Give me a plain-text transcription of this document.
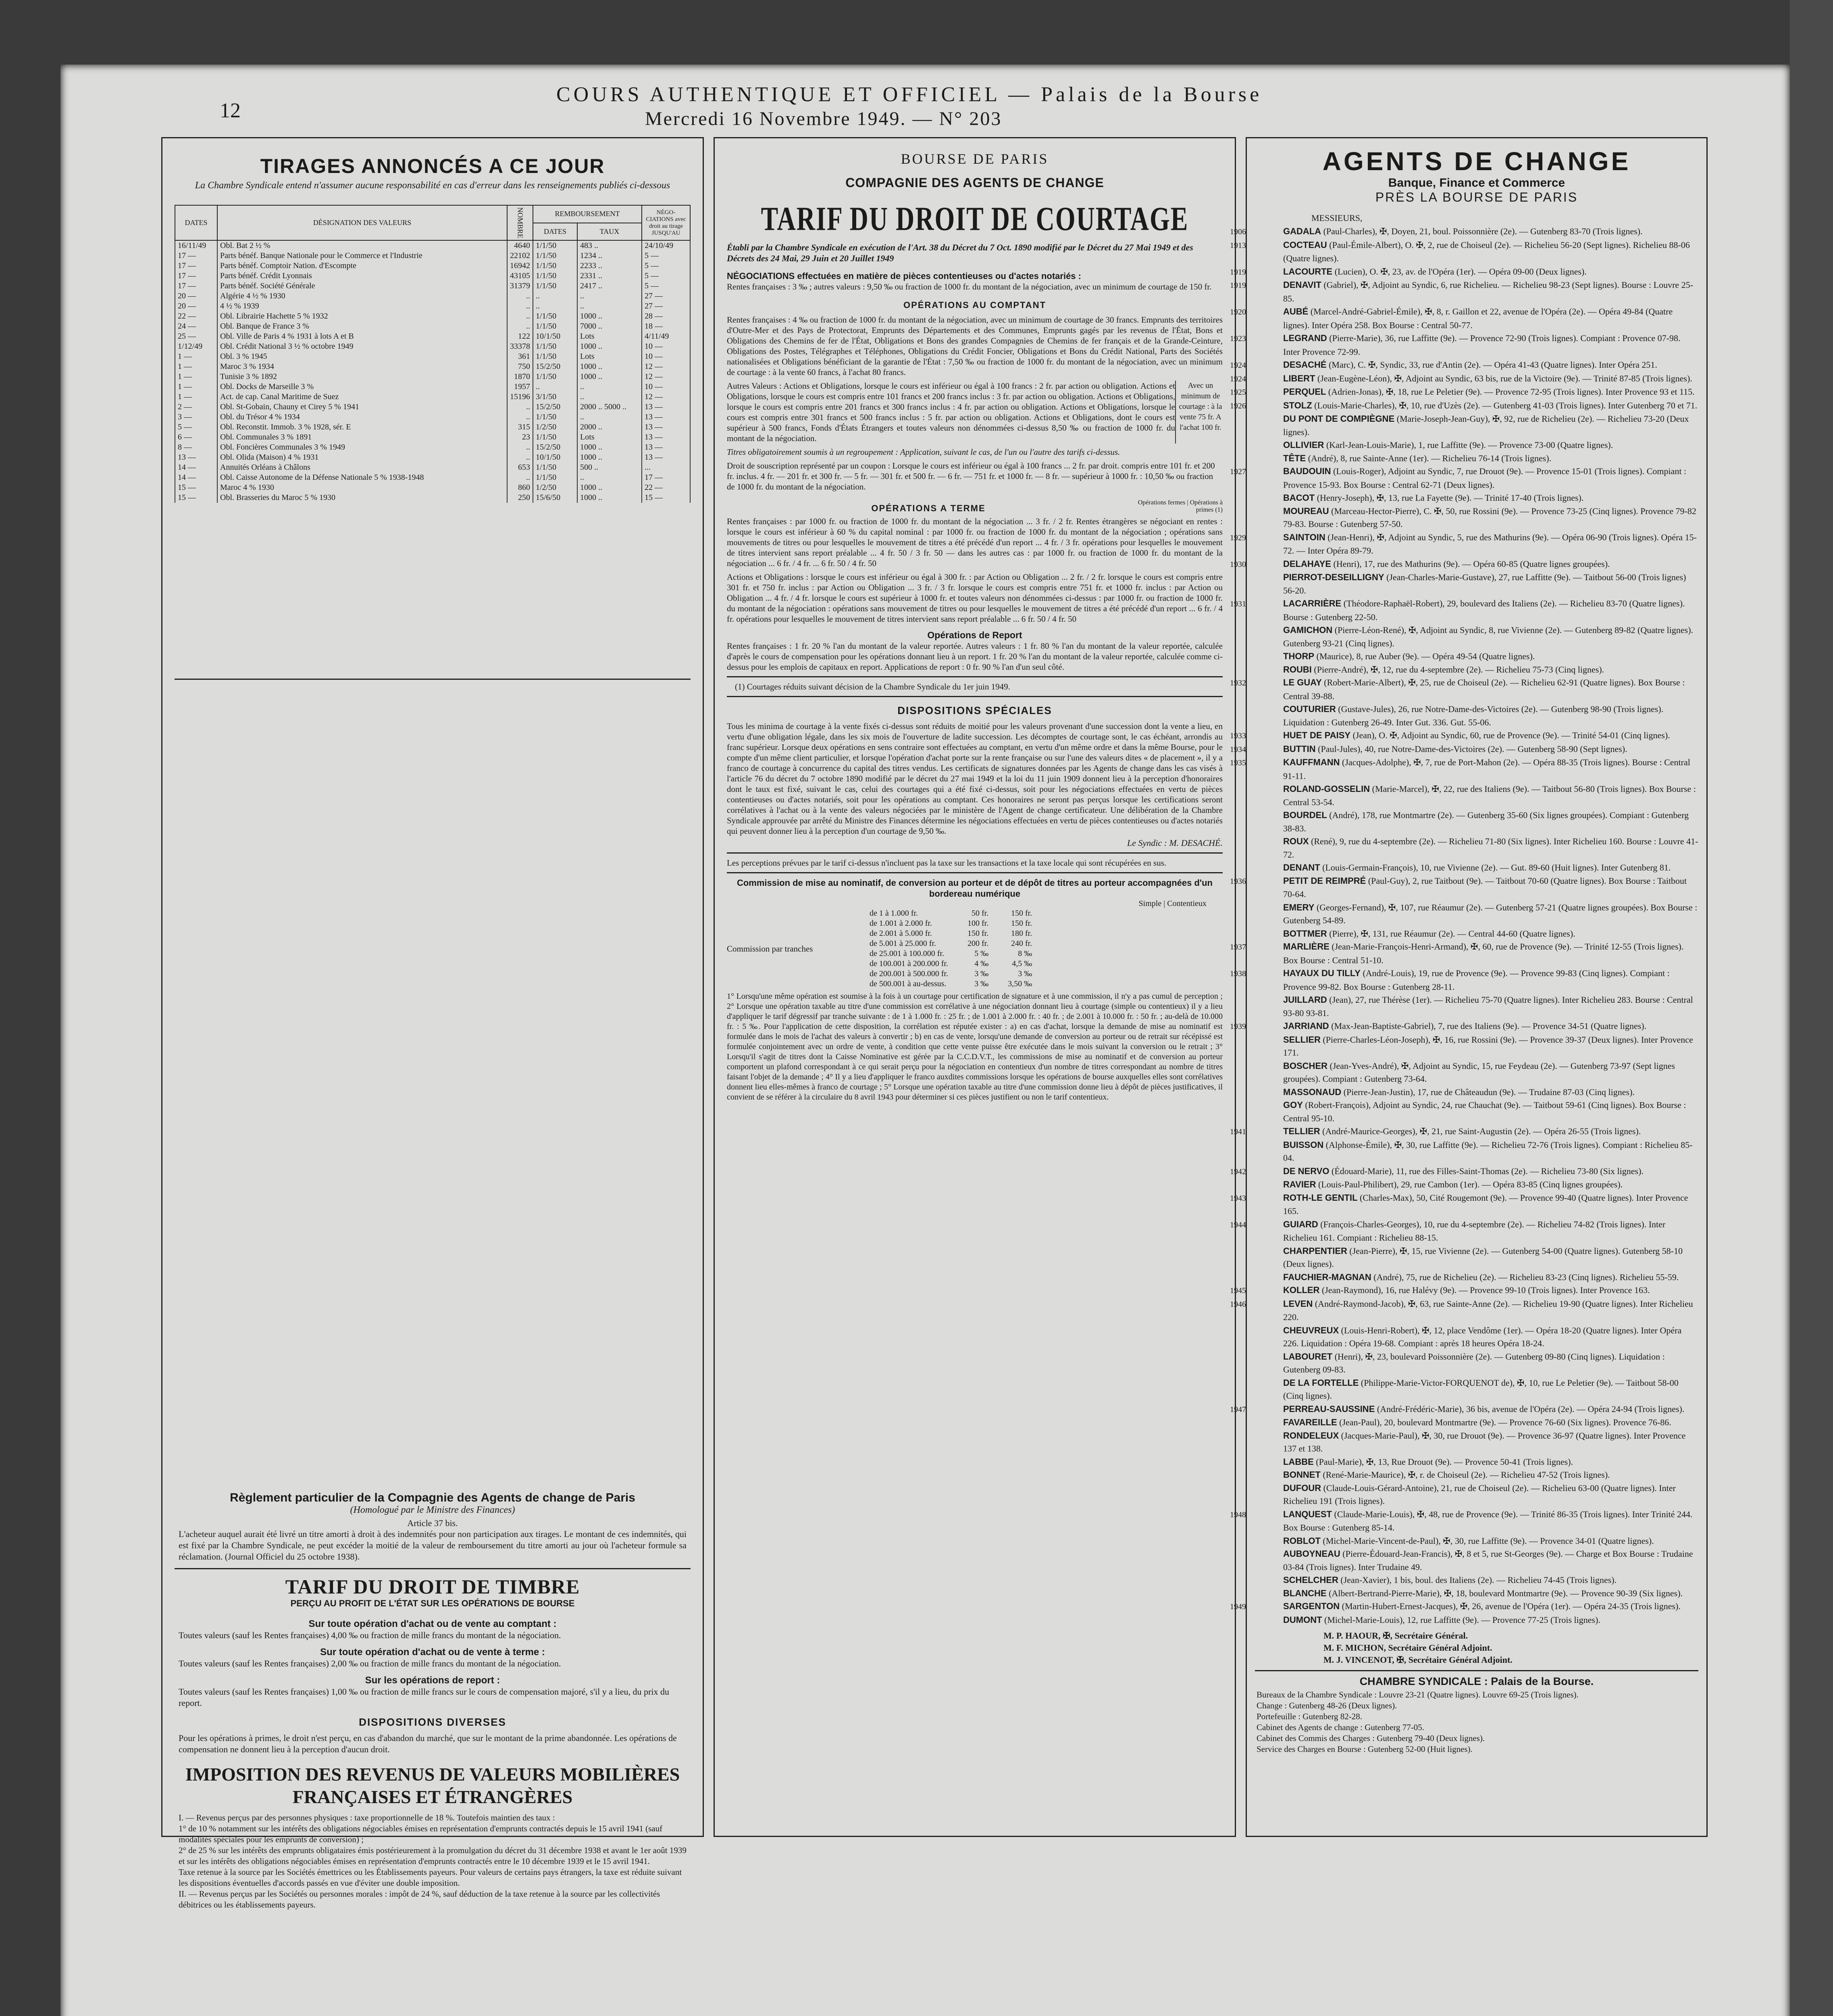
12
COURS AUTHENTIQUE ET OFFICIEL — Palais de la Bourse
Mercredi 16 Novembre 1949. — N° 203
TIRAGES ANNONCÉS A CE JOUR
La Chambre Syndicale entend n'assumer aucune responsabilité en cas d'erreur dans les renseignements publiés ci-dessous
DATES	DÉSIGNATION DES VALEURS	NOMBRE	REMBOURSEMENT		NÉGO-CIATIONS avec droit au tirage JUSQU'AU
			DATES	TAUX	
16/11/49	Obl. Bat 2 ½ %	4640	1/1/50	483 ..	24/10/49
17 —	Parts bénéf. Banque Nationale pour le Commerce et l'Industrie	22102	1/1/50	1234 ..	5 —
17 —	Parts bénéf. Comptoir Nation. d'Escompte	16942	1/1/50	2233 ..	5 —
17 —	Parts bénéf. Crédit Lyonnais	43105	1/1/50	2331 ..	5 —
17 —	Parts bénéf. Société Générale	31379	1/1/50	2417 ..	5 —
20 —	Algérie 4 ½ % 1930	..	..	..	27 —
20 —	4 ½ % 1939	..	..	..	27 —
22 —	Obl. Librairie Hachette 5 % 1932	..	1/1/50	1000 ..	28 —
24 —	Obl. Banque de France 3 %	..	1/1/50	7000 ..	18 —
25 —	Obl. Ville de Paris 4 % 1931 à lots A et B	122	10/1/50	Lots	4/11/49
1/12/49	Obl. Crédit National 3 ½ % octobre 1949	33378	1/1/50	1000 ..	10 —
1 —	Obl. 3 % 1945	361	1/1/50	Lots	10 —
1 —	Maroc 3 % 1934	750	15/2/50	1000 ..	12 —
1 —	Tunisie 3 % 1892	1870	1/1/50	1000 ..	12 —
1 —	Obl. Docks de Marseille 3 %	1957	..	..	10 —
1 —	Act. de cap. Canal Maritime de Suez	15196	3/1/50	..	12 —
2 —	Obl. St-Gobain, Chauny et Cirey 5 % 1941	..	15/2/50	2000 .. 5000 ..	13 —
3 —	Obl. du Trésor 4 % 1934	..	1/1/50	..	13 —
5 —	Obl. Reconstit. Immob. 3 % 1928, sér. E	315	1/2/50	2000 ..	13 —
6 —	Obl. Communales 3 % 1891	23	1/1/50	Lots	13 —
8 —	Obl. Foncières Communales 3 % 1949	..	15/2/50	1000 ..	13 —
13 —	Obl. Olida (Maison) 4 % 1931	..	10/1/50	1000 ..	13 —
14 —	Annuités Orléans à Châlons	653	1/1/50	500 ..	...
14 —	Obl. Caisse Autonome de la Défense Nationale 5 % 1938-1948	..	1/1/50	..	17 —
15 —	Maroc 4 % 1930	860	1/2/50	1000 ..	22 —
15 —	Obl. Brasseries du Maroc 5 % 1930	250	15/6/50	1000 ..	15 —
Règlement particulier de la Compagnie des Agents de change de Paris
(Homologué par le Ministre des Finances)
Article 37 bis.
L'acheteur auquel aurait été livré un titre amorti à droit à des indemnités pour non participation aux tirages. Le montant de ces indemnités, qui est fixé par la Chambre Syndicale, ne peut excéder la moitié de la valeur de remboursement du titre amorti au jour où l'acheteur formule sa réclamation. (Journal Officiel du 25 octobre 1938).
TARIF DU DROIT DE TIMBRE
PERÇU AU PROFIT DE L'ÉTAT SUR LES OPÉRATIONS DE BOURSE
Sur toute opération d'achat ou de vente au comptant :
Toutes valeurs (sauf les Rentes françaises) 4,00 ‰ ou fraction de mille francs du montant de la négociation.
Sur toute opération d'achat ou de vente à terme :
Toutes valeurs (sauf les Rentes françaises) 2,00 ‰ ou fraction de mille francs du montant de la négociation.
Sur les opérations de report :
Toutes valeurs (sauf les Rentes françaises) 1,00 ‰ ou fraction de mille francs sur le cours de compensation majoré, s'il y a lieu, du prix du report.
DISPOSITIONS DIVERSES
Pour les opérations à primes, le droit n'est perçu, en cas d'abandon du marché, que sur le montant de la prime abandonnée. Les opérations de compensation ne donnent lieu à la perception d'aucun droit.
IMPOSITION DES REVENUS DE VALEURS MOBILIÈRES FRANÇAISES ET ÉTRANGÈRES
I. — Revenus perçus par des personnes physiques : taxe proportionnelle de 18 %. Toutefois maintien des taux :
1° de 10 % notamment sur les intérêts des obligations négociables émises en représentation d'emprunts contractés depuis le 15 avril 1941 (sauf modalités spéciales pour les emprunts de conversion) ;
2° de 25 % sur les intérêts des emprunts obligataires émis postérieurement à la promulgation du décret du 31 décembre 1938 et avant le 1er août 1939 et sur les intérêts des obligations négociables émises en représentation d'emprunts contractés entre le 10 décembre 1939 et le 15 avril 1941.
Taxe retenue à la source par les Sociétés émettrices ou les Établissements payeurs. Pour valeurs de certains pays étrangers, la taxe est réduite suivant les dispositions éventuelles d'accords passés en vue d'éviter une double imposition.
II. — Revenus perçus par les Sociétés ou personnes morales : impôt de 24 %, sauf déduction de la taxe retenue à la source par les collectivités débitrices ou les établissements payeurs.
BOURSE DE PARIS
COMPAGNIE DES AGENTS DE CHANGE
TARIF DU DROIT DE COURTAGE
Établi par la Chambre Syndicale en exécution de l'Art. 38 du Décret du 7 Oct. 1890 modifié par le Décret du 27 Mai 1949 et des Décrets des 24 Mai, 29 Juin et 20 Juillet 1949
NÉGOCIATIONS effectuées en matière de pièces contentieuses ou d'actes notariés :
Rentes françaises : 3 ‰ ; autres valeurs : 9,50 ‰ ou fraction de 1000 fr. du montant de la négociation, avec un minimum de courtage de 150 fr.
OPÉRATIONS AU COMPTANT
Rentes françaises : 4 ‰ ou fraction de 1000 fr. du montant de la négociation, avec un minimum de courtage de 30 francs. Emprunts des territoires d'Outre-Mer et des Pays de Protectorat, Emprunts des Départements et des Communes, Emprunts gagés par les revenus de l'État, Bons et Obligations des Chemins de fer de l'État, Obligations et Bons des grandes Compagnies de Chemins de fer français et de la Grande-Ceinture, Obligations des Postes, Télégraphes et Téléphones, Obligations du Crédit Foncier, Obligations et Bons du Crédit National, Parts des Sociétés nationalisées et Obligations bénéficiant de la garantie de l'État : 7,50 ‰ ou fraction de 1000 fr. du montant de la négociation, avec un minimum de courtage : à la vente 60 francs, à l'achat 80 francs.
Autres Valeurs : Actions et Obligations, lorsque le cours est inférieur ou égal à 100 francs : 2 fr. par action ou obligation. Actions et Obligations, lorsque le cours est compris entre 101 francs et 200 francs inclus : 3 fr. par action ou obligation. Actions et Obligations, lorsque le cours est compris entre 201 francs et 300 francs inclus : 4 fr. par action ou obligation. Actions et Obligations, lorsque le cours est compris entre 301 francs et 500 francs inclus : 5 fr. par action ou obligation. Actions et Obligations, dont le cours est supérieur à 500 francs, Fonds d'États Étrangers et toutes valeurs non dénommées ci-dessus 8,50 ‰ ou fraction de 1000 fr. du montant de la négociation.
Avec un minimum de courtage : à la vente 75 fr. A l'achat 100 fr.
Titres obligatoirement soumis à un regroupement : Application, suivant le cas, de l'un ou l'autre des tarifs ci-dessus.
Droit de souscription représenté par un coupon : Lorsque le cours est inférieur ou égal à 100 francs ... 2 fr. par droit. compris entre 101 fr. et 200 fr. inclus. 4 fr. — 201 fr. et 300 fr. — 5 fr. — 301 fr. et 500 fr. — 6 fr. — 751 fr. et 1000 fr. — 8 fr. — supérieur à 1000 fr. : 10,50 ‰ ou fraction de 1000 fr. du montant de la négociation.
OPÉRATIONS A TERME
Opérations fermes | Opérations à primes (1)
Rentes françaises : par 1000 fr. ou fraction de 1000 fr. du montant de la négociation ... 3 fr. / 2 fr. Rentes étrangères se négociant en rentes : lorsque le cours est inférieur à 60 % du capital nominal : par 1000 fr. ou fraction de 1000 fr. du montant de la négociation ; opérations sans mouvements de titres ou pour lesquelles le mouvement de titres a été précédé d'un report ... 4 fr. / 3 fr. opérations pour lesquelles le mouvement de titres intervient sans report préalable ... 4 fr. 50 / 3 fr. 50 — dans les autres cas : par 1000 fr. ou fraction de 1000 fr. du montant de la négociation ... 6 fr. / 4 fr. ... 6 fr. 50 / 4 fr. 50
Actions et Obligations : lorsque le cours est inférieur ou égal à 300 fr. : par Action ou Obligation ... 2 fr. / 2 fr. lorsque le cours est compris entre 301 fr. et 750 fr. inclus : par Action ou Obligation ... 3 fr. / 3 fr. lorsque le cours est compris entre 751 fr. et 1000 fr. inclus : par Action ou Obligation ... 4 fr. / 4 fr. lorsque le cours est supérieur à 1000 fr. et toutes valeurs non dénommées ci-dessus : par 1000 fr. ou fraction de 1000 fr. du montant de la négociation : opérations sans mouvement de titres ou pour lesquelles le mouvement de titres a été précédé d'un report ... 6 fr. / 4 fr. opérations pour lesquelles le mouvement de titres intervient sans report préalable ... 6 fr. 50 / 4 fr. 50
Opérations de Report
Rentes françaises : 1 fr. 20 % l'an du montant de la valeur reportée. Autres valeurs : 1 fr. 80 % l'an du montant de la valeur reportée, calculée d'après le cours de compensation pour les opérations donnant lieu à un report. 1 fr. 20 % l'an du montant de la valeur reportée, calculée comme ci-dessus pour les emplois de capitaux en report. Applications de report : 0 fr. 90 % l'an d'un seul côté.
(1) Courtages réduits suivant décision de la Chambre Syndicale du 1er juin 1949.
DISPOSITIONS SPÉCIALES
Tous les minima de courtage à la vente fixés ci-dessus sont réduits de moitié pour les valeurs provenant d'une succession dont la vente a lieu, en vertu d'une obligation légale, dans les six mois de l'ouverture de ladite succession. Les décomptes de courtage sont, le cas échéant, arrondis au franc supérieur. Lorsque deux opérations en sens contraire sont effectuées au comptant, en vertu d'un même ordre et dans la même Bourse, pour le compte d'un même client particulier, et lorsque l'opération d'achat porte sur la rente française ou sur l'une des valeurs dites « de placement », il y a franco de courtage à concurrence du capital des titres vendus. Les certificats de signatures données par les Agents de change dans les cas visés à l'article 76 du décret du 7 octobre 1890 modifié par le décret du 27 mai 1949 et la loi du 11 juin 1909 donnent lieu à la perception d'honoraires dont le taux est fixé, suivant le cas, celui des courtages qui a été fixé ci-dessus, soit pour les négociations effectuées en vertu de pièces contentieuses ou d'actes notariés, soit pour les opérations au comptant. Ces honoraires ne seront pas perçus lorsque les certifications seront corrélatives à l'achat ou à la vente des valeurs négociées par le ministère de l'Agent de change certificateur. Une délibération de la Chambre Syndicale approuvée par arrêté du Ministre des Finances détermine les négociations effectuées en vertu de pièces contentieuses ou d'actes notariés qui peuvent donner lieu à la perception d'un courtage de 9,50 ‰.
Le Syndic : M. DESACHÉ.
Les perceptions prévues par le tarif ci-dessus n'incluent pas la taxe sur les transactions et la taxe locale qui sont récupérées en sus.
Commission de mise au nominatif, de conversion au porteur et de dépôt de titres au porteur accompagnées d'un bordereau numérique
Simple | Contentieux
Commission par tranches
de 1 à 1.000 fr.	50 fr.	150 fr.
de 1.001 à 2.000 fr.	100 fr.	150 fr.
de 2.001 à 5.000 fr.	150 fr.	180 fr.
de 5.001 à 25.000 fr.	200 fr.	240 fr.
de 25.001 à 100.000 fr.	5 ‰	8 ‰
de 100.001 à 200.000 fr.	4 ‰	4,5 ‰
de 200.001 à 500.000 fr.	3 ‰	3 ‰
de 500.001 à au-dessus.	3 ‰	3,50 ‰
1° Lorsqu'une même opération est soumise à la fois à un courtage pour certification de signature et à une commission, il n'y a pas cumul de perception ; 2° Lorsque une opération taxable au titre d'une commission est corrélative à une négociation donnant lieu à courtage (simple ou contentieux) il y a lieu d'appliquer le tarif dégressif par tranche suivante : de 1 à 1.000 fr. : 25 fr. ; de 1.001 à 2.000 fr. : 40 fr. ; de 2.001 à 10.000 fr. : 50 fr. ; au-delà de 10.000 fr. : 5 ‰. Pour l'application de cette disposition, la corrélation est réputée exister : a) en cas d'achat, lorsque la demande de mise au nominatif est formulée dans le mois de l'achat des valeurs à convertir ; b) en cas de vente, lorsqu'une demande de conversion au porteur ou de retrait sur récépissé est formulée conjointement avec un ordre de vente, à condition que cette vente puisse être exécutée dans le mois suivant la conversion ou le retrait ; 3° Lorsqu'il s'agit de titres dont la Caisse Nominative est gérée par la C.C.D.V.T., les commissions de mise au nominatif et de conversion au porteur comportent un plafond correspondant à ce qui serait perçu pour la négociation en contentieux d'un nombre de titres correspondant au nombre de titres faisant l'objet de la demande ; 4° Il y a lieu d'appliquer le franco auxdites commissions lorsque les opérations de bourse auxquelles elles sont corrélatives donnent lieu elles-mêmes à franco de courtage ; 5° Lorsque une opération taxable au titre d'une commission donne lieu à dépôt de pièces justificatives, il convient de se référer à la circulaire du 8 avril 1943 pour déterminer si ces pièces justifient ou non le tarif contentieux.
AGENTS DE CHANGE
Banque, Finance et Commerce
PRÈS LA BOURSE DE PARIS
MESSIEURS,
1906	GADALA (Paul-Charles), ✠, Doyen, 21, boul. Poissonnière (2e). — Gutenberg 83-70 (Trois lignes).
1913	COCTEAU (Paul-Émile-Albert), O. ✠, 2, rue de Choiseul (2e). — Richelieu 56-20 (Sept lignes). Richelieu 88-06 (Quatre lignes).
1919	LACOURTE (Lucien), O. ✠, 23, av. de l'Opéra (1er). — Opéra 09-00 (Deux lignes).
1919	DENAVIT (Gabriel), ✠, Adjoint au Syndic, 6, rue Richelieu. — Richelieu 98-23 (Sept lignes). Bourse : Louvre 25-85.
1920	AUBÉ (Marcel-André-Gabriel-Émile), ✠, 8, r. Gaillon et 22, avenue de l'Opéra (2e). — Opéra 49-84 (Quatre lignes). Inter Opéra 258. Box Bourse : Central 50-77.
1923	LEGRAND (Pierre-Marie), 36, rue Laffitte (9e). — Provence 72-90 (Trois lignes). Compiant : Provence 07-98. Inter Provence 72-99.
1924	DESACHÉ (Marc), C. ✠, Syndic, 33, rue d'Antin (2e). — Opéra 41-43 (Quatre lignes). Inter Opéra 251.
1924	LIBERT (Jean-Eugène-Léon), ✠, Adjoint au Syndic, 63 bis, rue de la Victoire (9e). — Trinité 87-85 (Trois lignes).
1925	PERQUEL (Adrien-Jonas), ✠, 18, rue Le Peletier (9e). — Provence 72-95 (Trois lignes). Inter Provence 93 et 115.
1926	STOLZ (Louis-Marie-Charles), ✠, 10, rue d'Uzès (2e). — Gutenberg 41-03 (Trois lignes). Inter Gutenberg 70 et 71.
DU PONT DE COMPIÈGNE (Marie-Joseph-Jean-Guy), ✠, 92, rue de Richelieu (2e). — Richelieu 73-20 (Deux lignes).
OLLIVIER (Karl-Jean-Louis-Marie), 1, rue Laffitte (9e). — Provence 73-00 (Quatre lignes).
TÊTE (André), 8, rue Sainte-Anne (1er). — Richelieu 76-14 (Trois lignes).
1927	BAUDOUIN (Louis-Roger), Adjoint au Syndic, 7, rue Drouot (9e). — Provence 15-01 (Trois lignes). Compiant : Provence 15-93. Box Bourse : Central 62-71 (Deux lignes).
BACOT (Henry-Joseph), ✠, 13, rue La Fayette (9e). — Trinité 17-40 (Trois lignes).
MOUREAU (Marceau-Hector-Pierre), C. ✠, 50, rue Rossini (9e). — Provence 73-25 (Cinq lignes). Provence 79-82 79-83. Bourse : Gutenberg 57-50.
1929	SAINTOIN (Jean-Henri), ✠, Adjoint au Syndic, 5, rue des Mathurins (9e). — Opéra 06-90 (Trois lignes). Opéra 15-72. — Inter Opéra 89-79.
1930	DELAHAYE (Henri), 17, rue des Mathurins (9e). — Opéra 60-85 (Quatre lignes groupées).
PIERROT-DESEILLIGNY (Jean-Charles-Marie-Gustave), 27, rue Laffitte (9e). — Taitbout 56-00 (Trois lignes) 56-20.
1931	LACARRIÈRE (Théodore-Raphaël-Robert), 29, boulevard des Italiens (2e). — Richelieu 83-70 (Quatre lignes). Bourse : Gutenberg 22-50.
GAMICHON (Pierre-Léon-René), ✠, Adjoint au Syndic, 8, rue Vivienne (2e). — Gutenberg 89-82 (Quatre lignes). Gutenberg 93-21 (Cinq lignes).
THORP (Maurice), 8, rue Auber (9e). — Opéra 49-54 (Quatre lignes).
ROUBI (Pierre-André), ✠, 12, rue du 4-septembre (2e). — Richelieu 75-73 (Cinq lignes).
1932	LE GUAY (Robert-Marie-Albert), ✠, 25, rue de Choiseul (2e). — Richelieu 62-91 (Quatre lignes). Box Bourse : Central 39-88.
COUTURIER (Gustave-Jules), 26, rue Notre-Dame-des-Victoires (2e). — Gutenberg 98-90 (Trois lignes). Liquidation : Gutenberg 26-49. Inter Gut. 336. Gut. 55-06.
1933	HUET DE PAISY (Jean), O. ✠, Adjoint au Syndic, 60, rue de Provence (9e). — Trinité 54-01 (Cinq lignes).
1934	BUTTIN (Paul-Jules), 40, rue Notre-Dame-des-Victoires (2e). — Gutenberg 58-90 (Sept lignes).
1935	KAUFFMANN (Jacques-Adolphe), ✠, 7, rue de Port-Mahon (2e). — Opéra 88-35 (Trois lignes). Bourse : Central 91-11.
ROLAND-GOSSELIN (Marie-Marcel), ✠, 22, rue des Italiens (9e). — Taitbout 56-80 (Trois lignes). Box Bourse : Central 53-54.
BOURDEL (André), 178, rue Montmartre (2e). — Gutenberg 35-60 (Six lignes groupées). Compiant : Gutenberg 38-83.
ROUX (René), 9, rue du 4-septembre (2e). — Richelieu 71-80 (Six lignes). Inter Richelieu 160. Bourse : Louvre 41-72.
DENANT (Louis-Germain-François), 10, rue Vivienne (2e). — Gut. 89-60 (Huit lignes). Inter Gutenberg 81.
1936	PETIT DE REIMPRÉ (Paul-Guy), 2, rue Taitbout (9e). — Taitbout 70-60 (Quatre lignes). Box Bourse : Taitbout 70-64.
EMERY (Georges-Fernand), ✠, 107, rue Réaumur (2e). — Gutenberg 57-21 (Quatre lignes groupées). Box Bourse : Gutenberg 54-89.
BOTTMER (Pierre), ✠, 131, rue Réaumur (2e). — Central 44-60 (Quatre lignes).
1937	MARLIÈRE (Jean-Marie-François-Henri-Armand), ✠, 60, rue de Provence (9e). — Trinité 12-55 (Trois lignes). Box Bourse : Central 51-10.
1938	HAYAUX DU TILLY (André-Louis), 19, rue de Provence (9e). — Provence 99-83 (Cinq lignes). Compiant : Provence 99-82. Box Bourse : Gutenberg 28-11.
JUILLARD (Jean), 27, rue Thérèse (1er). — Richelieu 75-70 (Quatre lignes). Inter Richelieu 283. Bourse : Central 93-80 93-81.
1939	JARRIAND (Max-Jean-Baptiste-Gabriel), 7, rue des Italiens (9e). — Provence 34-51 (Quatre lignes).
SELLIER (Pierre-Charles-Léon-Joseph), ✠, 16, rue Rossini (9e). — Provence 39-37 (Deux lignes). Inter Provence 171.
BOSCHER (Jean-Yves-André), ✠, Adjoint au Syndic, 15, rue Feydeau (2e). — Gutenberg 73-97 (Sept lignes groupées). Compiant : Gutenberg 73-64.
MASSONAUD (Pierre-Jean-Justin), 17, rue de Châteaudun (9e). — Trudaine 87-03 (Cinq lignes).
GOY (Robert-François), Adjoint au Syndic, 24, rue Chauchat (9e). — Taitbout 59-61 (Cinq lignes). Box Bourse : Central 95-10.
1941	TELLIER (André-Maurice-Georges), ✠, 21, rue Saint-Augustin (2e). — Opéra 26-55 (Trois lignes).
BUISSON (Alphonse-Émile), ✠, 30, rue Laffitte (9e). — Richelieu 72-76 (Trois lignes). Compiant : Richelieu 85-04.
1942	DE NERVO (Édouard-Marie), 11, rue des Filles-Saint-Thomas (2e). — Richelieu 73-80 (Six lignes).
RAVIER (Louis-Paul-Philibert), 29, rue Cambon (1er). — Opéra 83-85 (Cinq lignes groupées).
1943	ROTH-LE GENTIL (Charles-Max), 50, Cité Rougemont (9e). — Provence 99-40 (Quatre lignes). Inter Provence 165.
1944	GUIARD (François-Charles-Georges), 10, rue du 4-septembre (2e). — Richelieu 74-82 (Trois lignes). Inter Richelieu 161. Compiant : Richelieu 88-15.
CHARPENTIER (Jean-Pierre), ✠, 15, rue Vivienne (2e). — Gutenberg 54-00 (Quatre lignes). Gutenberg 58-10 (Deux lignes).
FAUCHIER-MAGNAN (André), 75, rue de Richelieu (2e). — Richelieu 83-23 (Cinq lignes). Richelieu 55-59.
1945	KOLLER (Jean-Raymond), 16, rue Halévy (9e). — Provence 99-10 (Trois lignes). Inter Provence 163.
1946	LEVEN (André-Raymond-Jacob), ✠, 63, rue Sainte-Anne (2e). — Richelieu 19-90 (Quatre lignes). Inter Richelieu 220.
CHEUVREUX (Louis-Henri-Robert), ✠, 12, place Vendôme (1er). — Opéra 18-20 (Quatre lignes). Inter Opéra 226. Liquidation : Opéra 19-68. Compiant : après 18 heures Opéra 18-24.
LABOURET (Henri), ✠, 23, boulevard Poissonnière (2e). — Gutenberg 09-80 (Cinq lignes). Liquidation : Gutenberg 09-83.
DE LA FORTELLE (Philippe-Marie-Victor-FORQUENOT de), ✠, 10, rue Le Peletier (9e). — Taitbout 58-00 (Cinq lignes).
1947	PERREAU-SAUSSINE (André-Frédéric-Marie), 36 bis, avenue de l'Opéra (2e). — Opéra 24-94 (Trois lignes).
FAVAREILLE (Jean-Paul), 20, boulevard Montmartre (9e). — Provence 76-60 (Six lignes). Provence 76-86.
RONDELEUX (Jacques-Marie-Paul), ✠, 30, rue Drouot (9e). — Provence 36-97 (Quatre lignes). Inter Provence 137 et 138.
LABBE (Paul-Marie), ✠, 13, Rue Drouot (9e). — Provence 50-41 (Trois lignes).
BONNET (René-Marie-Maurice), ✠, r. de Choiseul (2e). — Richelieu 47-52 (Trois lignes).
DUFOUR (Claude-Louis-Gérard-Antoine), 21, rue de Choiseul (2e). — Richelieu 63-00 (Quatre lignes). Inter Richelieu 191 (Trois lignes).
1948	LANQUEST (Claude-Marie-Louis), ✠, 48, rue de Provence (9e). — Trinité 86-35 (Trois lignes). Inter Trinité 244. Box Bourse : Gutenberg 85-14.
ROBLOT (Michel-Marie-Vincent-de-Paul), ✠, 30, rue Laffitte (9e). — Provence 34-01 (Quatre lignes).
AUBOYNEAU (Pierre-Édouard-Jean-Francis), ✠, 8 et 5, rue St-Georges (9e). — Charge et Box Bourse : Trudaine 03-84 (Trois lignes). Inter Trudaine 49.
SCHELCHER (Jean-Xavier), 1 bis, boul. des Italiens (2e). — Richelieu 74-45 (Trois lignes).
BLANCHE (Albert-Bertrand-Pierre-Marie), ✠, 18, boulevard Montmartre (9e). — Provence 90-39 (Six lignes).
1949	SARGENTON (Martin-Hubert-Ernest-Jacques), ✠, 26, avenue de l'Opéra (1er). — Opéra 24-35 (Trois lignes).
DUMONT (Michel-Marie-Louis), 12, rue Laffitte (9e). — Provence 77-25 (Trois lignes).
M. P. HAOUR, ✠, Secrétaire Général.
M. F. MICHON, Secrétaire Général Adjoint.
M. J. VINCENOT, ✠, Secrétaire Général Adjoint.
CHAMBRE SYNDICALE : Palais de la Bourse.
Bureaux de la Chambre Syndicale : Louvre 23-21 (Quatre lignes). Louvre 69-25 (Trois lignes).
Change : Gutenberg 48-26 (Deux lignes).
Portefeuille : Gutenberg 82-28.
Cabinet des Agents de change : Gutenberg 77-05.
Cabinet des Commis des Charges : Gutenberg 79-40 (Deux lignes).
Service des Charges en Bourse : Gutenberg 52-00 (Huit lignes).
